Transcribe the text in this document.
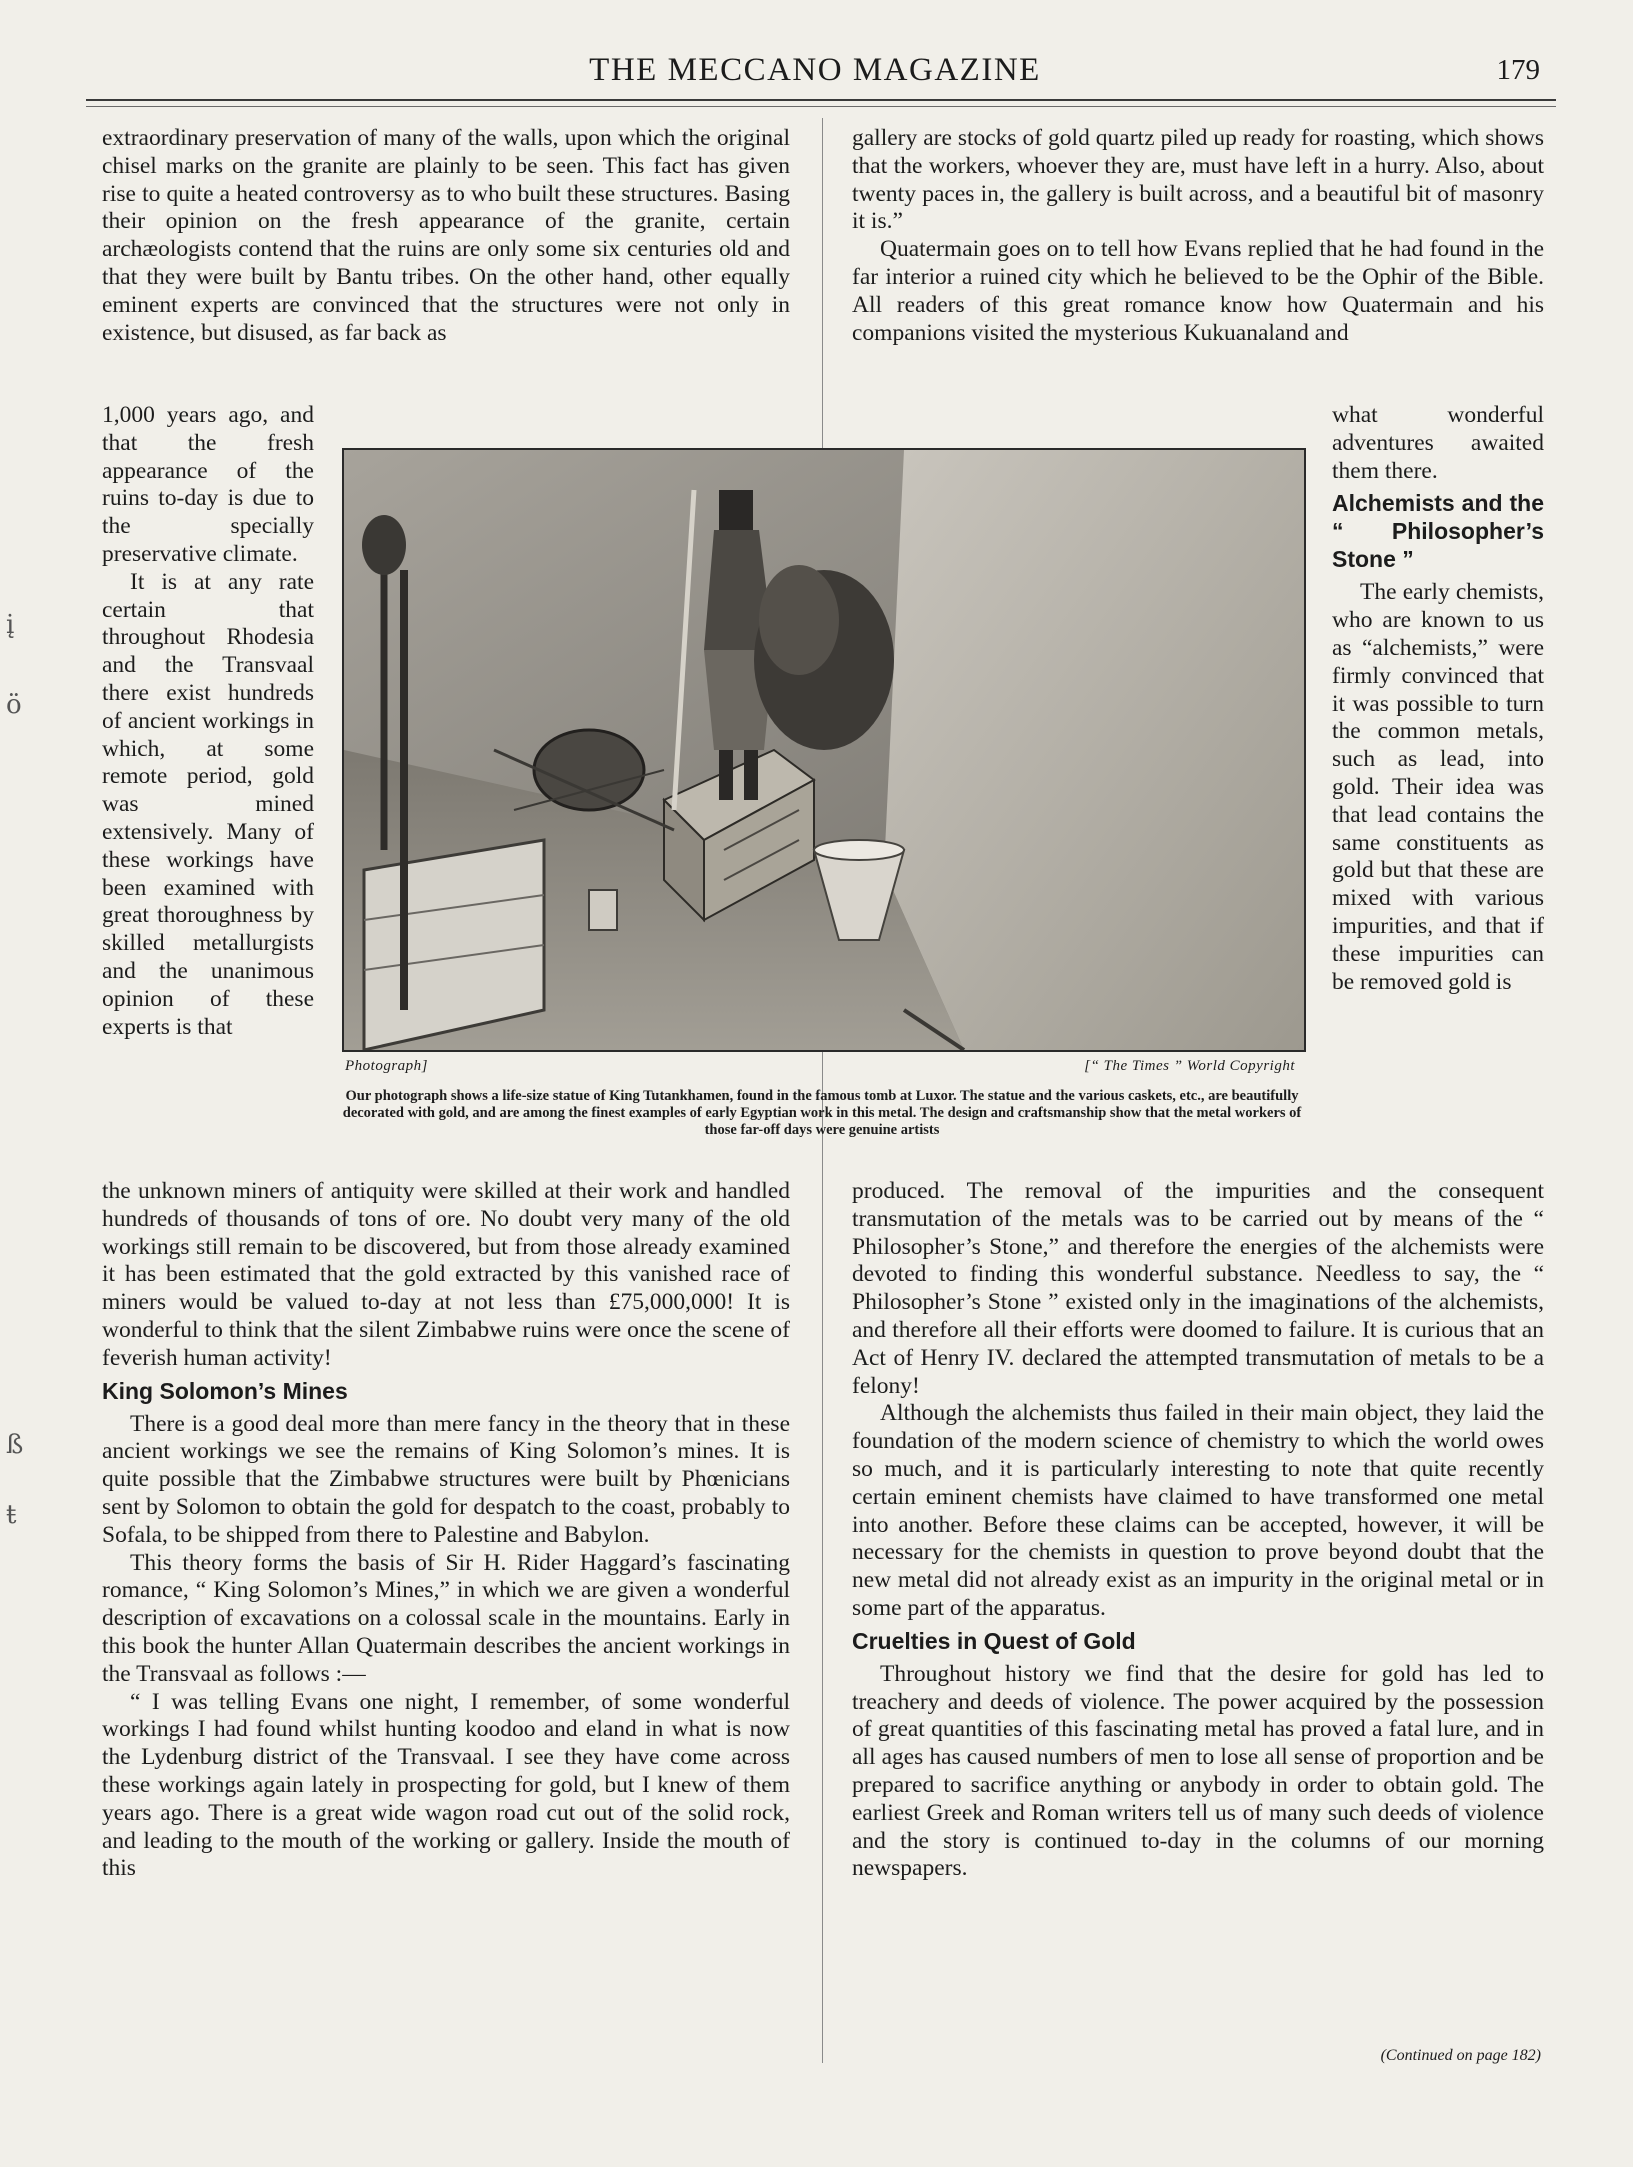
į
ö
ß
ŧ
THE MECCANO MAGAZINE	179

extraordinary preservation of many of the walls, upon which the original chisel marks on the granite are plainly to be seen. This fact has given rise to quite a heated controversy as to who built these structures. Basing their opinion on the fresh appearance of the granite, certain archæologists contend that the ruins are only some six centuries old and that they were built by Bantu tribes. On the other hand, other equally eminent experts are convinced that the structures were not only in existence, but disused, as far back as

1,000 years ago, and that the fresh appearance of the ruins to-day is due to the specially preservative climate.

It is at any rate certain that throughout Rhodesia and the Transvaal there exist hundreds of ancient workings in which, at some remote period, gold was mined extensively. Many of these workings have been examined with great thoroughness by skilled metallurgists and the unanimous opinion of these experts is that

the unknown miners of antiquity were skilled at their work and handled hundreds of thousands of tons of ore. No doubt very many of the old workings still remain to be discovered, but from those already examined it has been estimated that the gold extracted by this vanished race of miners would be valued to-day at not less than £75,000,000! It is wonderful to think that the silent Zimbabwe ruins were once the scene of feverish human activity!

King Solomon’s Mines

There is a good deal more than mere fancy in the theory that in these ancient workings we see the remains of King Solomon’s mines. It is quite possible that the Zimbabwe structures were built by Phœnicians sent by Solomon to obtain the gold for despatch to the coast, probably to Sofala, to be shipped from there to Palestine and Babylon.

This theory forms the basis of Sir H. Rider Haggard’s fascinating romance, “ King Solomon’s Mines,” in which we are given a wonderful description of excavations on a colossal scale in the mountains. Early in this book the hunter Allan Quatermain describes the ancient workings in the Transvaal as follows :—

“ I was telling Evans one night, I remember, of some wonderful workings I had found whilst hunting koodoo and eland in what is now the Lydenburg district of the Transvaal. I see they have come across these workings again lately in prospecting for gold, but I knew of them years ago. There is a great wide wagon road cut out of the solid rock, and leading to the mouth of the working or gallery. Inside the mouth of this

gallery are stocks of gold quartz piled up ready for roasting, which shows that the workers, whoever they are, must have left in a hurry. Also, about twenty paces in, the gallery is built across, and a beautiful bit of masonry it is.”

Quatermain goes on to tell how Evans replied that he had found in the far interior a ruined city which he believed to be the Ophir of the Bible. All readers of this great romance know how Quatermain and his companions visited the mysterious Kukuanaland and

what wonderful adventures awaited them there.

Alchemists and the “ Philosopher’s Stone ”

The early chemists, who are known to us as “alchemists,” were firmly convinced that it was possible to turn the common metals, such as lead, into gold. Their idea was that lead contains the same constituents as gold but that these are mixed with various impurities, and that if these impurities can be removed gold is

produced. The removal of the impurities and the consequent transmutation of the metals was to be carried out by means of the “ Philosopher’s Stone,” and therefore the energies of the alchemists were devoted to finding this wonderful substance. Needless to say, the “ Philosopher’s Stone ” existed only in the imaginations of the alchemists, and therefore all their efforts were doomed to failure. It is curious that an Act of Henry IV. declared the attempted transmutation of metals to be a felony!

Although the alchemists thus failed in their main object, they laid the foundation of the modern science of chemistry to which the world owes so much, and it is particularly interesting to note that quite recently certain eminent chemists have claimed to have transformed one metal into another. Before these claims can be accepted, however, it will be necessary for the chemists in question to prove beyond doubt that the new metal did not already exist as an impurity in the original metal or in some part of the apparatus.

Cruelties in Quest of Gold

Throughout history we find that the desire for gold has led to treachery and deeds of violence. The power acquired by the possession of great quantities of this fascinating metal has proved a fatal lure, and in all ages has caused numbers of men to lose all sense of proportion and be prepared to sacrifice anything or anybody in order to obtain gold. The earliest Greek and Roman writers tell us of many such deeds of violence and the story is continued to-day in the columns of our morning newspapers.

(Continued on page 182)
Photograph]	[“ The Times ” World Copyright
Our photograph shows a life-size statue of King Tutankhamen, found in the famous tomb at Luxor. The statue and the various caskets, etc., are beautifully decorated with gold, and are among the finest examples of early Egyptian work in this metal. The design and craftsmanship show that the metal workers of those far-off days were genuine artists
